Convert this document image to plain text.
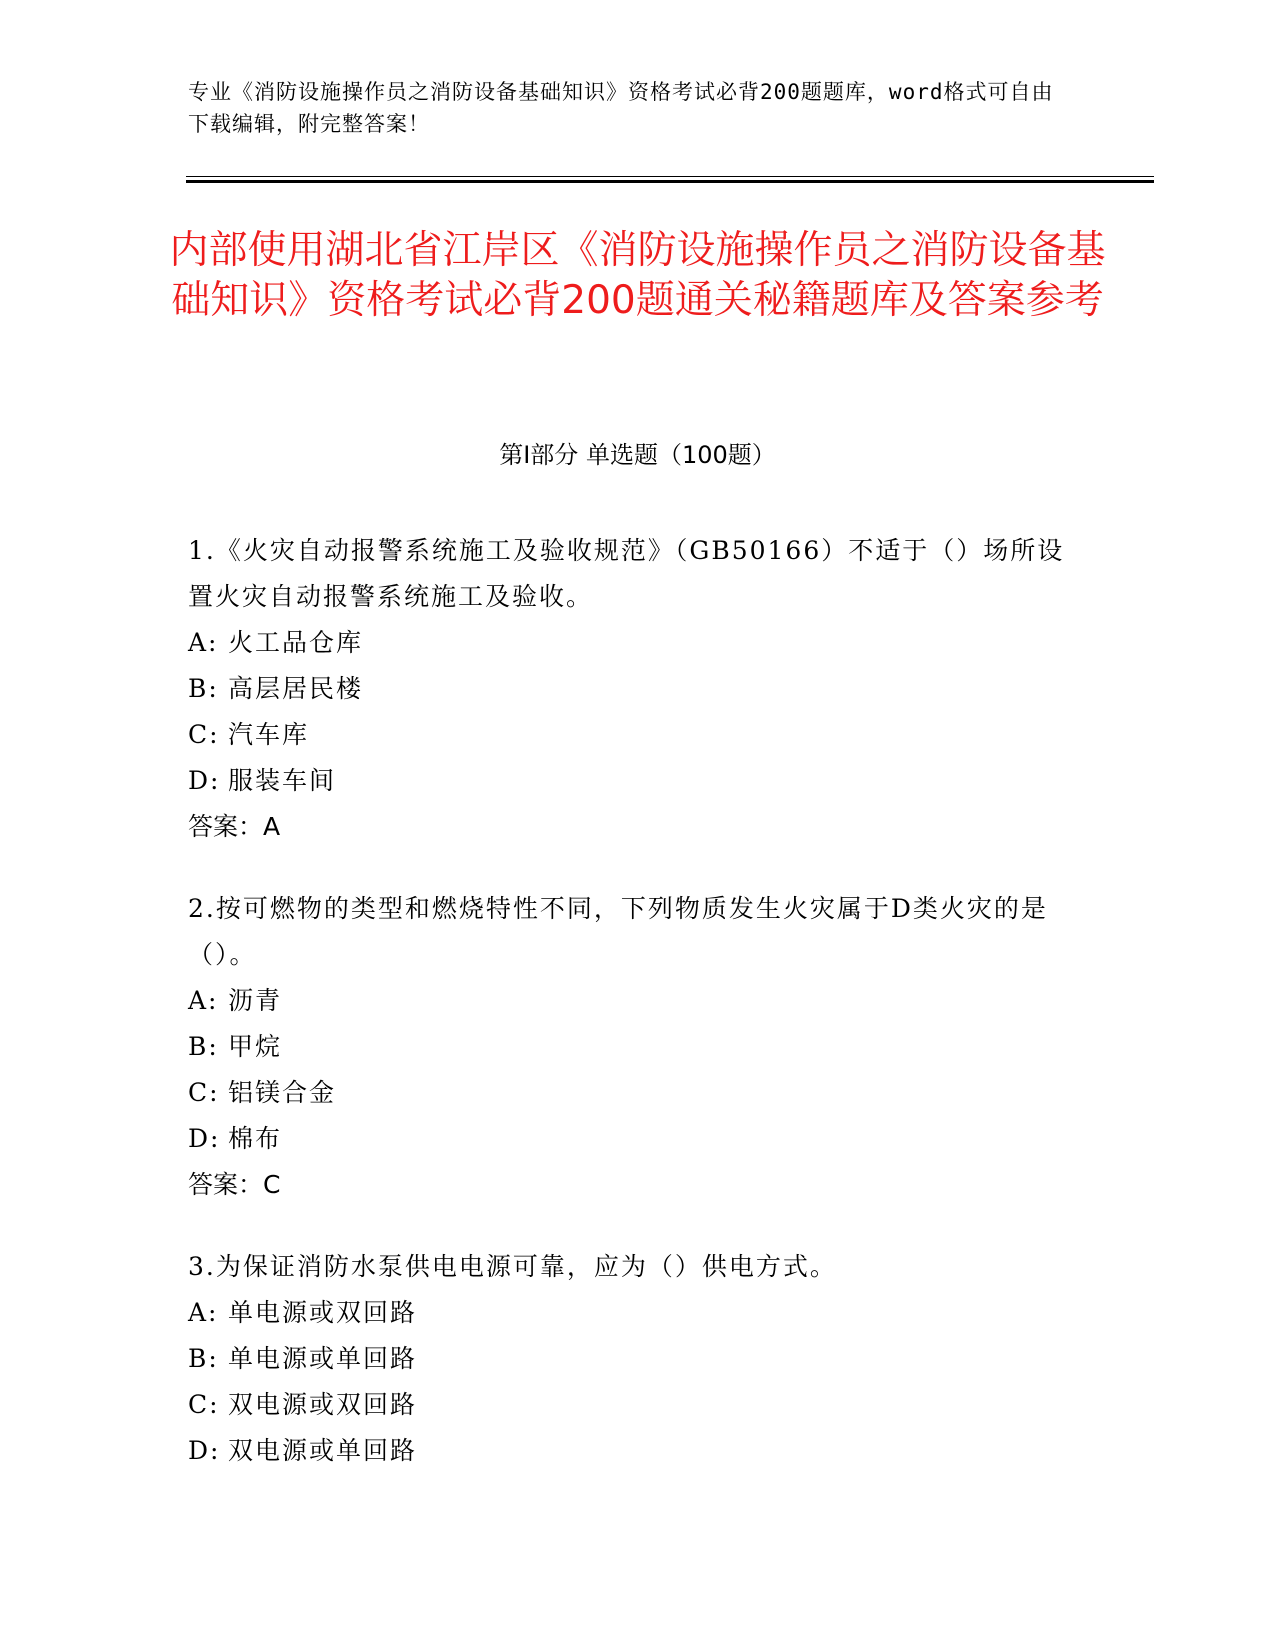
专业《消防设施操作员之消防设备基础知识》资格考试必背200题题库，word格式可自由下载编辑，附完整答案！
内部使用湖北省江岸区《消防设施操作员之消防设备基础知识》资格考试必背200题通关秘籍题库及答案参考
第Ⅰ部分 单选题（100题）
1.《火灾自动报警系统施工及验收规范》（GB50166）不适于（）场所设置火灾自动报警系统施工及验收。
A: 火工品仓库
B: 高层居民楼
C: 汽车库
D: 服装车间
答案：A
2.按可燃物的类型和燃烧特性不同，下列物质发生火灾属于D类火灾的是（）。
A: 沥青
B: 甲烷
C: 铝镁合金
D: 棉布
答案：C
3.为保证消防水泵供电电源可靠，应为（）供电方式。
A: 单电源或双回路
B: 单电源或单回路
C: 双电源或双回路
D: 双电源或单回路
